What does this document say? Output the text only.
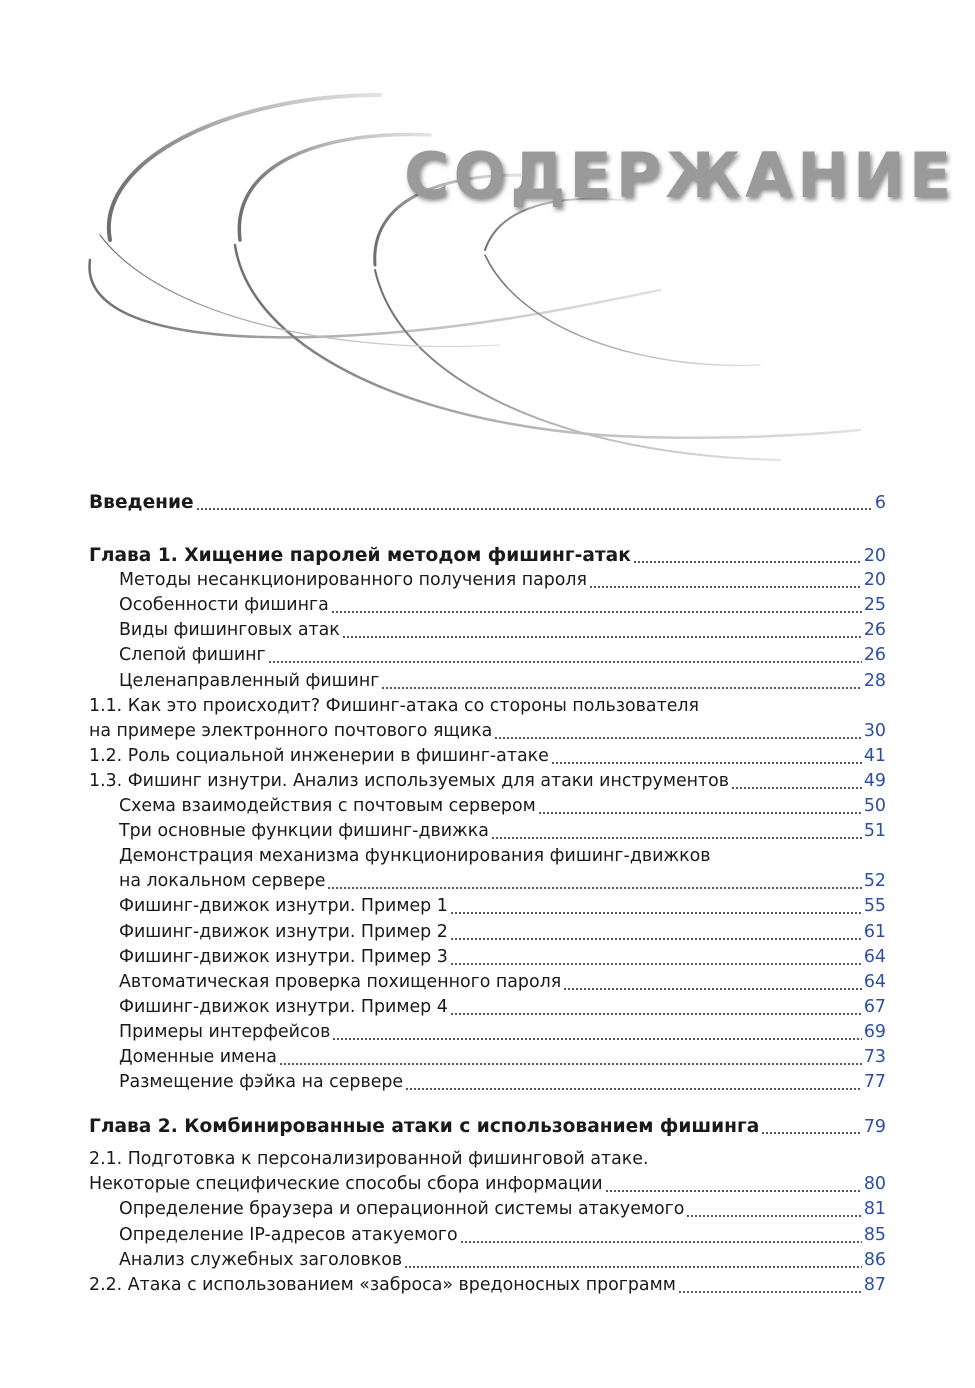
СОДЕРЖАНИЕ
Введение	6
Глава 1. Хищение паролей методом фишинг-атак	20
Методы несанкционированного получения пароля	20
Особенности фишинга	25
Виды фишинговых атак	26
Слепой фишинг	26
Целенаправленный фишинг	28
1.1. Как это происходит? Фишинг-атака со стороны пользователя
на примере электронного почтового ящика	30
1.2. Роль социальной инженерии в фишинг-атаке	41
1.3. Фишинг изнутри. Анализ используемых для атаки инструментов	49
Схема взаимодействия с почтовым сервером	50
Три основные функции фишинг-движка	51
Демонстрация механизма функционирования фишинг-движков
на локальном сервере	52
Фишинг-движок изнутри. Пример 1	55
Фишинг-движок изнутри. Пример 2	61
Фишинг-движок изнутри. Пример 3	64
Автоматическая проверка похищенного пароля	64
Фишинг-движок изнутри. Пример 4	67
Примеры интерфейсов	69
Доменные имена	73
Размещение фэйка на сервере	77
Глава 2. Комбинированные атаки с использованием фишинга	79
2.1. Подготовка к персонализированной фишинговой атаке.
Некоторые специфические способы сбора информации	80
Определение браузера и операционной системы атакуемого	81
Определение IP-адресов атакуемого	85
Анализ служебных заголовков	86
2.2. Атака с использованием «заброса» вредоносных программ	87
